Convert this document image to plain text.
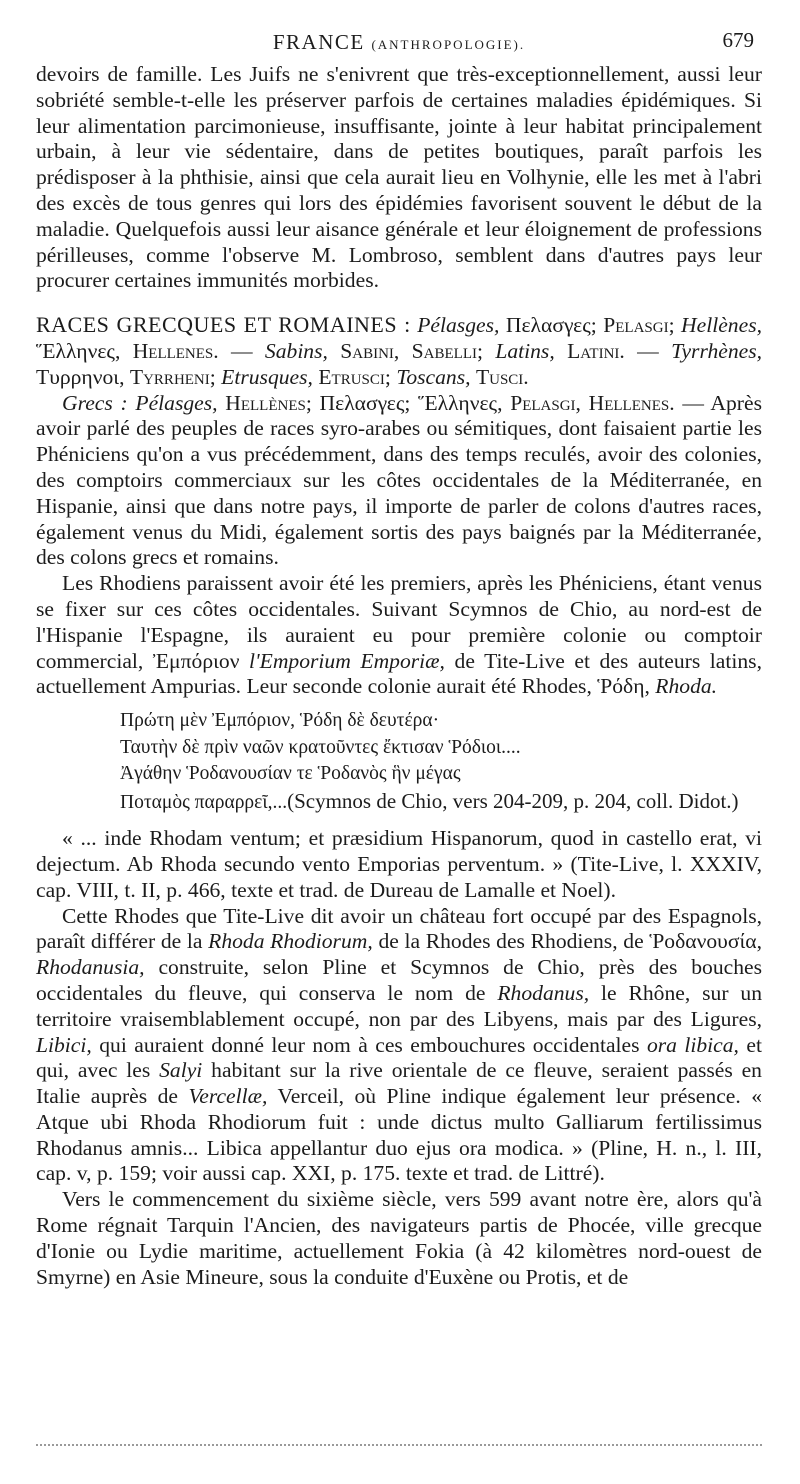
FRANCE (ANTHROPOLOGIE).	679

devoirs de famille. Les Juifs ne s'enivrent que très-exceptionnellement, aussi leur sobriété semble-t-elle les préserver parfois de certaines maladies épidémiques. Si leur alimentation parcimonieuse, insuffisante, jointe à leur habitat principalement urbain, à leur vie sédentaire, dans de petites boutiques, paraît parfois les prédisposer à la phthisie, ainsi que cela aurait lieu en Volhynie, elle les met à l'abri des excès de tous genres qui lors des épidémies favorisent souvent le début de la maladie. Quelquefois aussi leur aisance générale et leur éloignement de professions périlleuses, comme l'observe M. Lombroso, semblent dans d'autres pays leur procurer certaines immunités morbides.

RACES GRECQUES ET ROMAINES : Pélasges, Πελασγες; Pelasgi; Hellènes, Ἕλληνες, Hellenes. — Sabins, Sabini, Sabelli; Latins, Latini. — Tyrrhènes, Τυρρηνοι, Tyrrheni; Etrusques, Etrusci; Toscans, Tusci.

Grecs : Pélasges, Hellènes; Πελασγες; Ἕλληνες, Pelasgi, Hellenes. — Après avoir parlé des peuples de races syro-arabes ou sémitiques, dont faisaient partie les Phéniciens qu'on a vus précédemment, dans des temps reculés, avoir des colonies, des comptoirs commerciaux sur les côtes occidentales de la Méditerranée, en Hispanie, ainsi que dans notre pays, il importe de parler de colons d'autres races, également venus du Midi, également sortis des pays baignés par la Méditerranée, des colons grecs et romains.

Les Rhodiens paraissent avoir été les premiers, après les Phéniciens, étant venus se fixer sur ces côtes occidentales. Suivant Scymnos de Chio, au nord-est de l'Hispanie l'Espagne, ils auraient eu pour première colonie ou comptoir commercial, Ἐμπόριον l'Emporium Emporiæ, de Tite-Live et des auteurs latins, actuellement Ampurias. Leur seconde colonie aurait été Rhodes, Ῥόδη, Rhoda.

Πρώτη μὲν Ἐμπόριον, Ῥόδη δὲ δευτέρα·
Ταυτὴν δὲ πρὶν ναῶν κρατοῦντες ἔκτισαν Ῥόδιοι....
Ἀγάθην Ῥοδανουσίαν τε Ῥοδανὸς ἣν μέγας
Ποταμὸς παραρρεῖ,...(Scymnos de Chio, vers 204-209, p. 204, coll. Didot.)

« ... inde Rhodam ventum; et præsidium Hispanorum, quod in castello erat, vi dejectum. Ab Rhoda secundo vento Emporias perventum. » (Tite-Live, l. XXXIV, cap. VIII, t. II, p. 466, texte et trad. de Dureau de Lamalle et Noel).

Cette Rhodes que Tite-Live dit avoir un château fort occupé par des Espagnols, paraît différer de la Rhoda Rhodiorum, de la Rhodes des Rhodiens, de Ῥοδανουσία, Rhodanusia, construite, selon Pline et Scymnos de Chio, près des bouches occidentales du fleuve, qui conserva le nom de Rhodanus, le Rhône, sur un territoire vraisemblablement occupé, non par des Libyens, mais par des Ligures, Libici, qui auraient donné leur nom à ces embouchures occidentales ora libica, et qui, avec les Salyi habitant sur la rive orientale de ce fleuve, seraient passés en Italie auprès de Vercellæ, Verceil, où Pline indique également leur présence. « Atque ubi Rhoda Rhodiorum fuit : unde dictus multo Galliarum fertilissimus Rhodanus amnis... Libica appellantur duo ejus ora modica. » (Pline, H. n., l. III, cap. v, p. 159; voir aussi cap. XXI, p. 175. texte et trad. de Littré).

Vers le commencement du sixième siècle, vers 599 avant notre ère, alors qu'à Rome régnait Tarquin l'Ancien, des navigateurs partis de Phocée, ville grecque d'Ionie ou Lydie maritime, actuellement Fokia (à 42 kilomètres nord-ouest de Smyrne) en Asie Mineure, sous la conduite d'Euxène ou Protis, et de
